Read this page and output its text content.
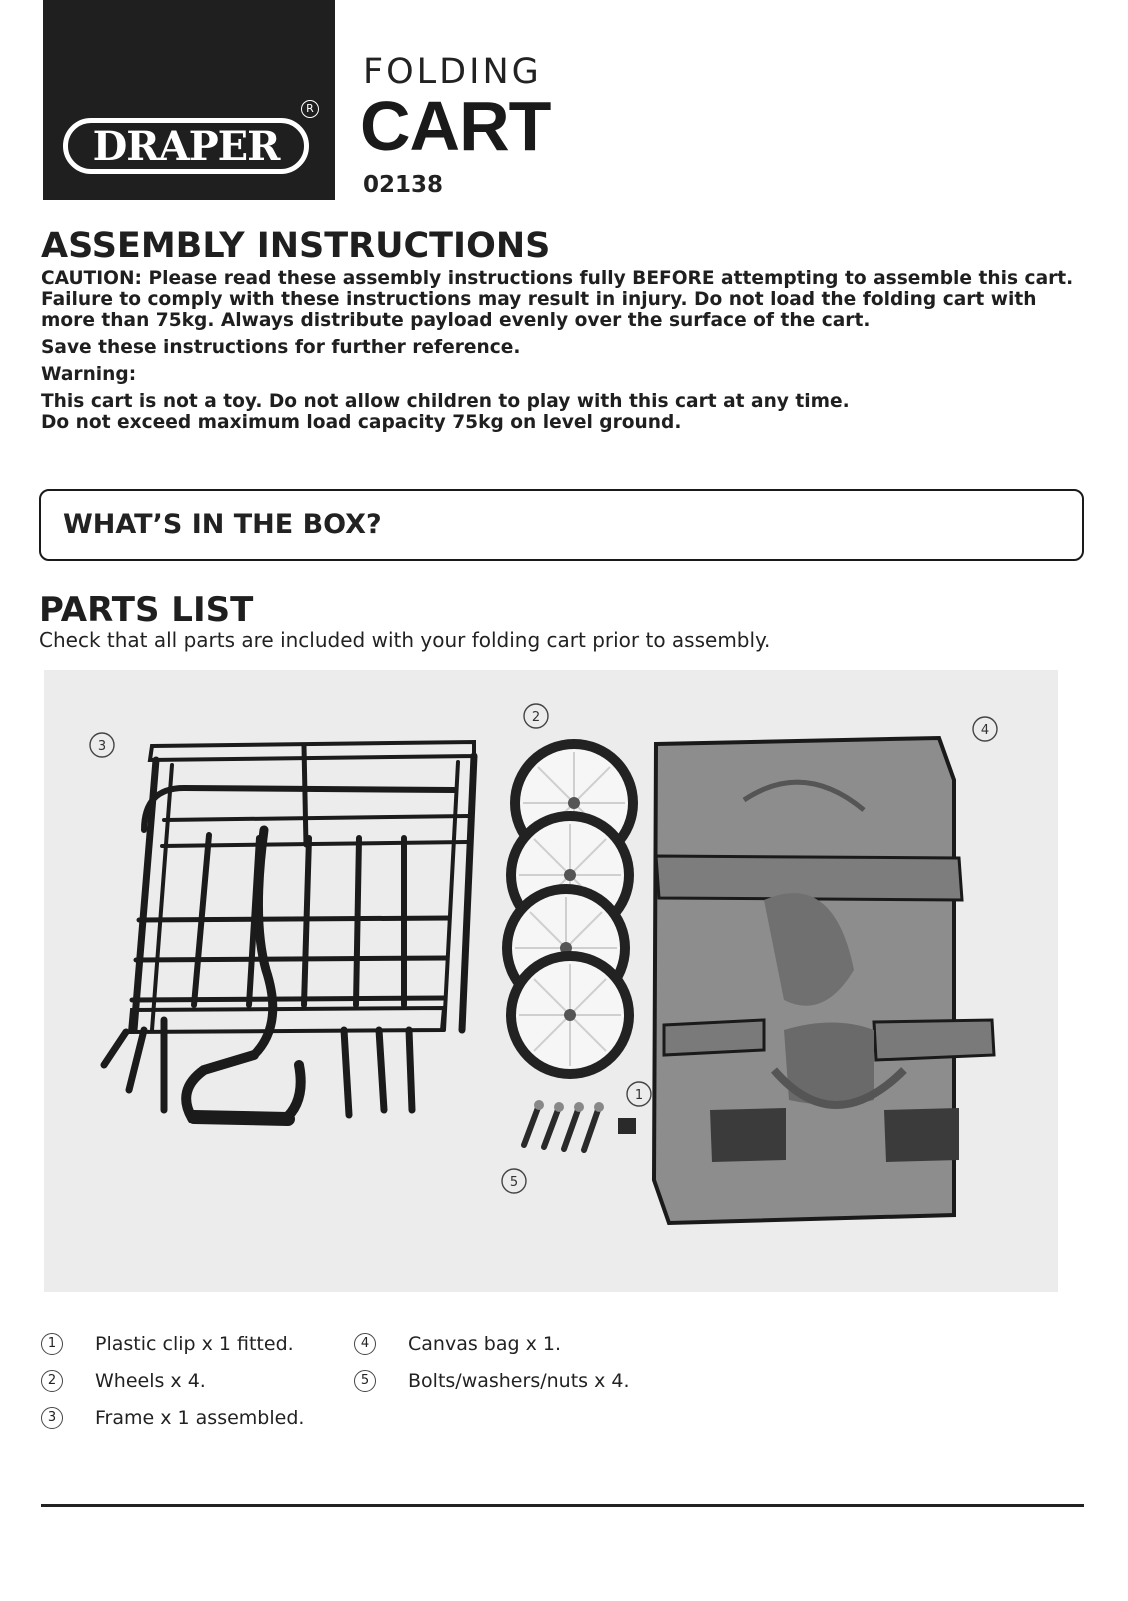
DRAPER
R
FOLDING
CART
02138
ASSEMBLY INSTRUCTIONS

CAUTION: Please read these assembly instructions fully BEFORE attempting to assemble this cart. Failure to comply with these instructions may result in injury. Do not load the folding cart with more than 75kg. Always distribute payload evenly over the surface of the cart.

Save these instructions for further reference.

Warning:

This cart is not a toy. Do not allow children to play with this cart at any time.

Do not exceed maximum load capacity 75kg on level ground.

WHAT’S IN THE BOX?
PARTS LIST
Check that all parts are included with your folding cart prior to assembly.
3
2
4
1
5
1	Plastic clip x 1 fitted.
2	Wheels x 4.
3	Frame x 1 assembled.
4	Canvas bag x 1.
5	Bolts/washers/nuts x 4.
